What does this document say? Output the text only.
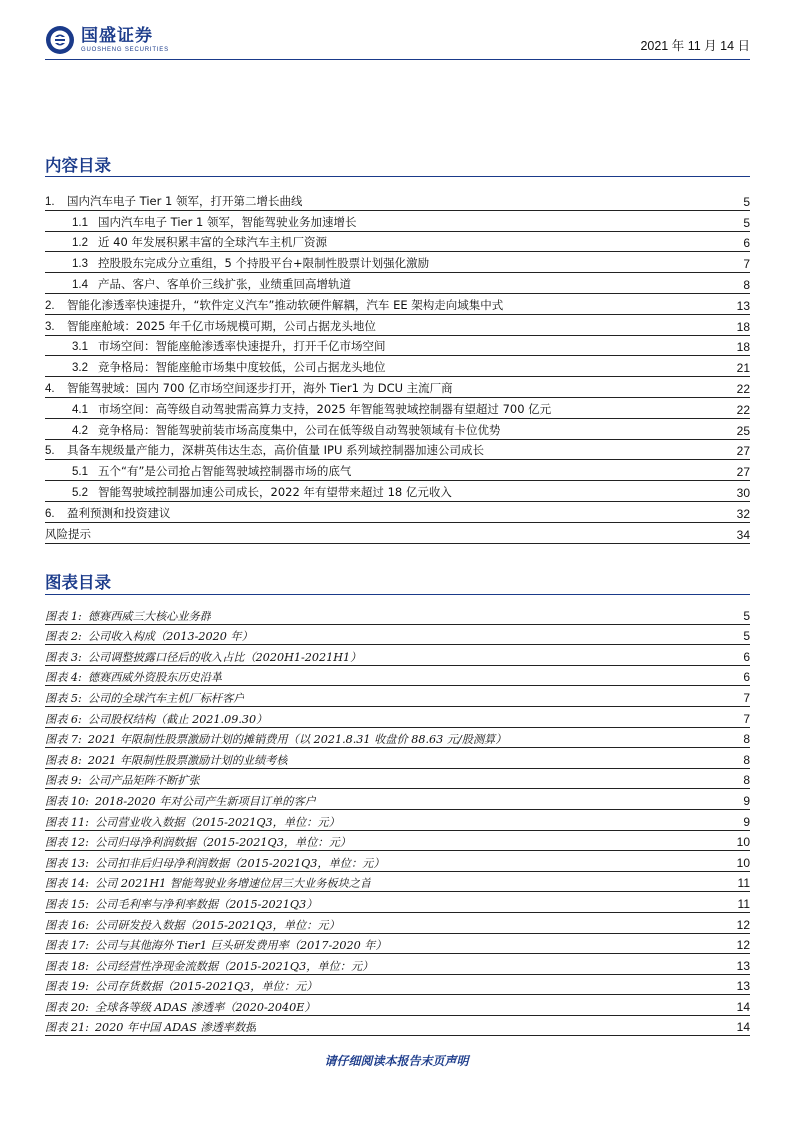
国盛证券
GUOSHENG SECURITIES	2021 年 11 月 14 日
内容目录
1. 国内汽车电子 Tier 1 领军，打开第二增长曲线	5
1.1 国内汽车电子 Tier 1 领军，智能驾驶业务加速增长	5
1.2 近 40 年发展积累丰富的全球汽车主机厂资源	6
1.3 控股股东完成分立重组，5 个持股平台+限制性股票计划强化激励	7
1.4 产品、客户、客单价三线扩张，业绩重回高增轨道	8
2. 智能化渗透率快速提升，“软件定义汽车”推动软硬件解耦，汽车 EE 架构走向域集中式	13
3. 智能座舱域：2025 年千亿市场规模可期，公司占据龙头地位	18
3.1 市场空间：智能座舱渗透率快速提升，打开千亿市场空间	18
3.2 竞争格局：智能座舱市场集中度较低，公司占据龙头地位	21
4. 智能驾驶域：国内 700 亿市场空间逐步打开，海外 Tier1 为 DCU 主流厂商	22
4.1 市场空间：高等级自动驾驶需高算力支持，2025 年智能驾驶域控制器有望超过 700 亿元	22
4.2 竞争格局：智能驾驶前装市场高度集中，公司在低等级自动驾驶领域有卡位优势	25
5. 具备车规级量产能力，深耕英伟达生态，高价值量 IPU 系列域控制器加速公司成长	27
5.1 五个“有”是公司抢占智能驾驶域控制器市场的底气	27
5.2 智能驾驶域控制器加速公司成长，2022 年有望带来超过 18 亿元收入	30
6. 盈利预测和投资建议	32
风险提示	34
图表目录
图表 1: 德赛西威三大核心业务群	5
图表 2: 公司收入构成（2013-2020 年）	5
图表 3: 公司调整披露口径后的收入占比（2020H1-2021H1）	6
图表 4: 德赛西威外资股东历史沿革	6
图表 5: 公司的全球汽车主机厂标杆客户	7
图表 6: 公司股权结构（截止 2021.09.30）	7
图表 7: 2021 年限制性股票激励计划的摊销费用（以 2021.8.31 收盘价 88.63 元/股测算）	8
图表 8: 2021 年限制性股票激励计划的业绩考核	8
图表 9: 公司产品矩阵不断扩张	8
图表 10: 2018-2020 年对公司产生新项目订单的客户	9
图表 11: 公司营业收入数据（2015-2021Q3，单位：元）	9
图表 12: 公司归母净利润数据（2015-2021Q3，单位：元）	10
图表 13: 公司扣非后归母净利润数据（2015-2021Q3，单位：元）	10
图表 14: 公司 2021H1 智能驾驶业务增速位居三大业务板块之首	11
图表 15: 公司毛利率与净利率数据（2015-2021Q3）	11
图表 16: 公司研发投入数据（2015-2021Q3，单位：元）	12
图表 17: 公司与其他海外 Tier1 巨头研发费用率（2017-2020 年）	12
图表 18: 公司经营性净现金流数据（2015-2021Q3，单位：元）	13
图表 19: 公司存货数据（2015-2021Q3，单位：元）	13
图表 20: 全球各等级 ADAS 渗透率（2020-2040E）	14
图表 21: 2020 年中国 ADAS 渗透率数据	14
请仔细阅读本报告末页声明
